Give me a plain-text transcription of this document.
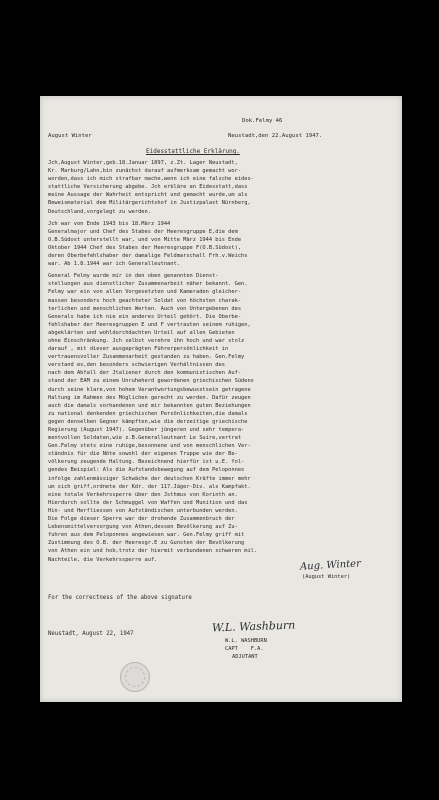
Dok.Felmy 46
August Winter	Neustadt,den 22.August 1947.
Eidesstattliche Erklärung.
Jch,August Winter,geb.18.Januar 1897, z.Zt. Lager Neustadt,
Kr. Marburg/Lahn,bin zunächst darauf aufmerksam gemacht wor-
worden,dass ich mich strafbar mache,wenn ich eine falsche eides-
stattliche Versicherung abgebe. Jch erkläre an Eidesstatt,dass
meine Aussage der Wahrheit entspricht und gemacht wurde,um als
Beweismaterial dem Militärgerichtshof in Justizpalast Nürnberg,
Deutschland,vorgelegt zu werden.
Jch war von Ende 1943 bis 18.März 1944
Generalmajor und Chef des Stabes der Heeresgruppe E,die dem
O.B.Südost unterstellt war, und von Mitte März 1944 bis Ende
Oktober 1944 Chef des Stabes der Heeresgruppe F(O.B.Südost),
deren Oberbefehlshaber der damalige Feldmarschall Frh.v.Weichs
war. Ab 1.8.1944 war ich Generalleutnant.
General Felmy wurde mir in den oben genannten Dienst-
stellungen aus dienstlicher Zusammenarbeit näher bekannt. Gen.
Felmy war ein von allen Vorgesetzten und Kameraden gleicher-
massen besonders hoch geachteter Soldat von höchsten charak-
terlichen und menschlichen Werten. Auch von Untergebenen des
Generals habe ich nie ein anderes Urteil gehört. Die Oberbe-
fehlshaber der Heeresgruppen E und F vertrauten seinem ruhigen,
abgeklärten und wohldurchdachten Urteil auf allen Gebieten
ohne Einschränkung. Jch selbst verehre ihn hoch und war stolz
darauf , mit dieser ausgeprägten Führerpersönlichkeit in
vertrauensvoller Zusammenarbeit gestanden zu haben. Gen.Felmy
verstand es,den besonders schwierigen Verhältnissen des
nach dem Abfall der Jtaliener durch den kommunistischen Auf-
stand der EAM zu einem Unruheherd gewordenen griechischen Südens
durch seine klare,von hohem Verantwortungsbewusstsein getragene
Haltung im Rahmen des Möglichen gerecht zu werden. Dafür zeugen
auch die damals vorhandenen und mir bekannten guten Beziehungen
zu national denkenden griechischen Persönlichkeiten,die damals
gegen denselben Gegner kämpften,wie die derzeitige griechische
Regierung (August 1947). Gegenüber jüngeren und sehr tempera-
mentvollen Soldaten,wie z.B.Generalleutnant Le Suire,vertrat
Gen.Felmy stets eine ruhige,besonnene und von menschlichen Ver-
ständnis für die Nöte sowohl der eigenen Truppe wie der Be-
völkerung zeugende Haltung. Bezeichnend hierfür ist u.E. fol-
gendes Beispiel: Als die Aufstandsbewegung auf dem Peloponnes
infolge zahlenmässiger Schwäche der deutschen Kräfte immer mehr
um sich griff,ordnete der Kdr. der 117.Jäger-Div. als Kampfakt.
eine totale Verkehrssperre über den Jsthmus von Korinth an.
Hierdurch sollte der Schmuggel von Waffen und Munition und das
Hin- und Herfliessen von Aufständischen unterbunden werden.
Die Folge dieser Sperre war der drohende Zusammenbruch der
Lebensmittelversorgung von Athen,dessen Bevölkerung auf Zu-
fuhren aus dem Peloponnes angewiesen war. Gen.Felmy griff mit
Zustimmung des O.B. der Heeresgr.E zu Gunsten der Bevölkerung
von Athen ein und hob,trotz der hiermit verbundenen schweren mil.
Nachteile, die Verkehrssperre auf.	Aug. Winter
(August Winter)
For the correctness of the above signature
Neustadt, August 22, 1947	W.L. Washburn
W.L. WASHBURN
CAPT    F.A.
ADJUTANT
